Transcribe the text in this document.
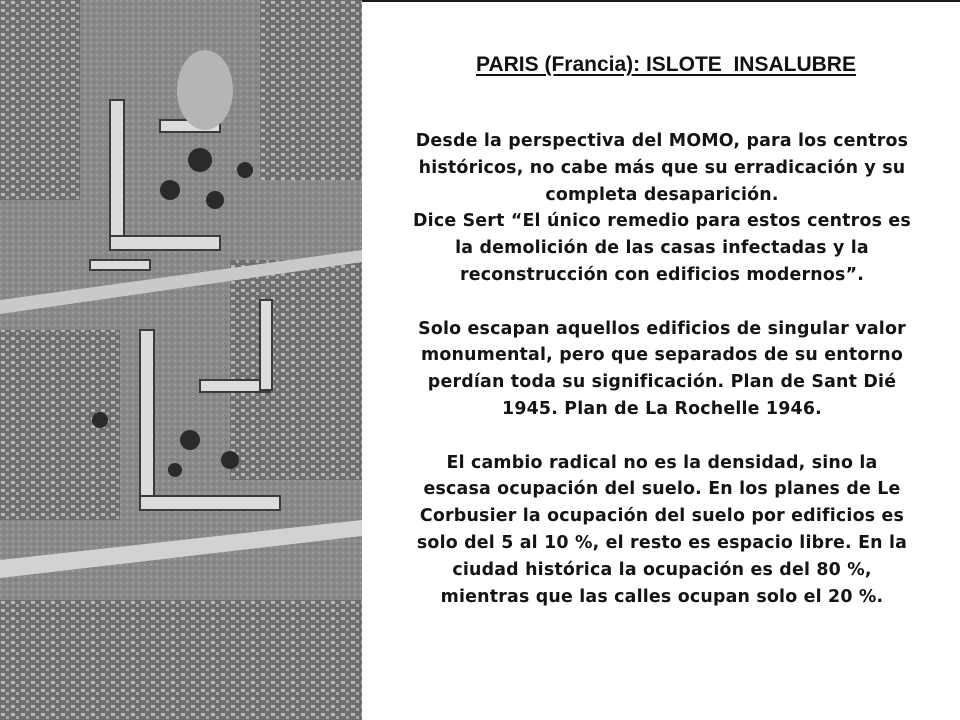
PARIS (Francia): ISLOTE  INSALUBRE

Desde la perspectiva del MOMO, para los centros
históricos, no cabe más que su erradicación y su
completa desaparición.

Dice Sert “El único remedio para estos centros es
la demolición de las casas infectadas y la
reconstrucción con edificios modernos”.

Solo escapan aquellos edificios de singular valor
monumental, pero que separados de su entorno
perdían toda su significación. Plan de Sant Dié
1945. Plan de La Rochelle 1946.

El cambio radical no es la densidad, sino la
escasa ocupación del suelo. En los planes de Le
Corbusier la ocupación del suelo por edificios es
solo del 5 al 10 %, el resto es espacio libre. En la
ciudad histórica la ocupación es del 80 %,
mientras que las calles ocupan solo el 20 %.
